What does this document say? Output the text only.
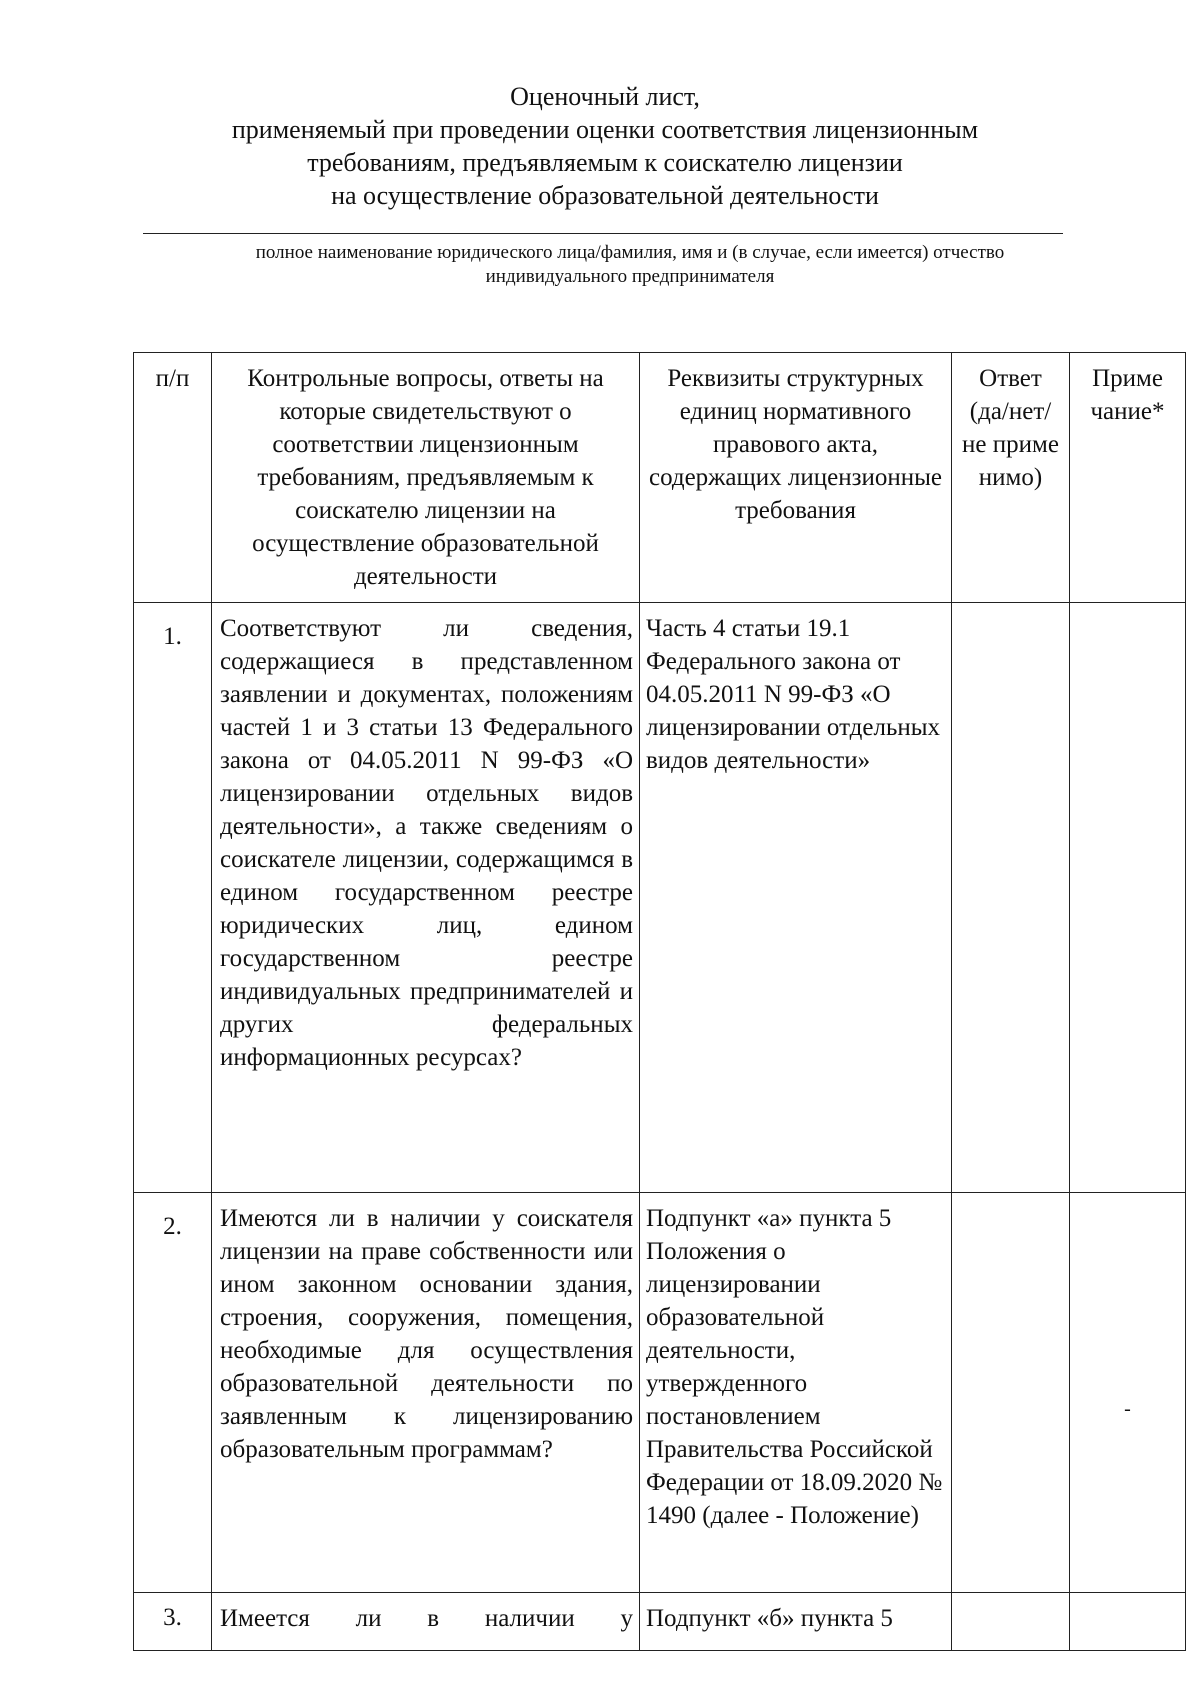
Оценочный лист,
применяемый при проведении оценки соответствия лицензионным
требованиям, предъявляемым к соискателю лицензии
на осуществление образовательной деятельности
полное наименование юридического лица/фамилия, имя и (в случае, если имеется) отчество индивидуального предпринимателя
п/п	Контрольные вопросы, ответы на которые свидетельствуют о соответствии лицензионным требованиям, предъявляемым к соискателю лицензии на осуществление образовательной деятельности	Реквизиты структурных единиц нормативного правового акта, содержащих лицензионные требования	Ответ (да/нет/ не приме нимо)	Приме чание*
1.	Соответствуют ли сведения, содержащиеся в представленном заявлении и документах, положениям частей 1 и 3 статьи 13 Федерального закона от 04.05.2011 N 99-ФЗ «О лицензировании отдельных видов деятельности», а также сведениям о соискателе лицензии, содержащимся в едином государственном реестре юридических лиц, едином государственном реестре индивидуальных предпринимателей и других федеральных информационных ресурсах?	Часть 4 статьи 19.1 Федерального закона от 04.05.2011 N 99-ФЗ «О лицензировании отдельных видов деятельности»		
2.	Имеются ли в наличии у соискателя лицензии на праве собственности или ином законном основании здания, строения, сооружения, помещения, необходимые для осуществления образовательной деятельности по заявленным к лицензированию образовательным программам?	Подпункт «а» пункта 5 Положения о лицензировании образовательной деятельности, утвержденного постановлением Правительства Российской Федерации от 18.09.2020 № 1490 (далее - Положение)		-
3.	Имеется ли в наличии у	Подпункт «б» пункта 5		
